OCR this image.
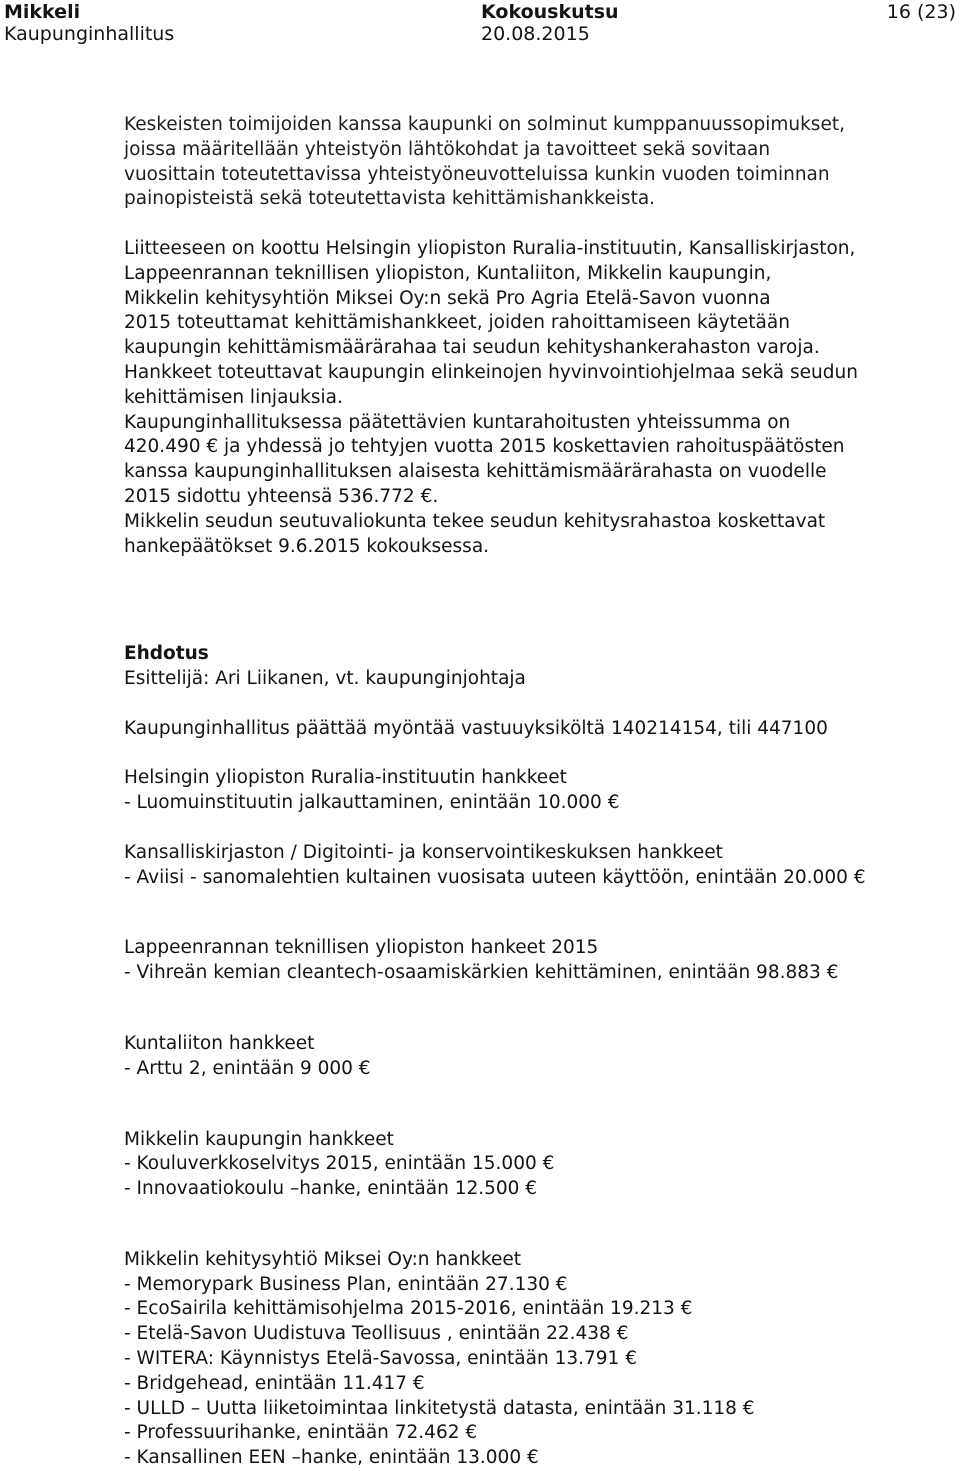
Mikkeli
Kaupunginhallitus
Kokouskutsu
20.08.2015
16 (23)

Keskeisten toimijoiden kanssa kaupunki on solminut kumppanuussopimukset,
joissa määritellään yhteistyön lähtökohdat ja tavoitteet sekä sovitaan
vuosittain toteutettavissa yhteistyöneuvotteluissa kunkin vuoden toiminnan
painopisteistä sekä toteutettavista kehittämishankkeista.

Liitteeseen on koottu Helsingin yliopiston Ruralia-instituutin, Kansalliskirjaston,
Lappeenrannan teknillisen yliopiston, Kuntaliiton, Mikkelin kaupungin,
Mikkelin kehitysyhtiön Miksei Oy:n sekä Pro Agria Etelä-Savon vuonna
2015 toteuttamat kehittämishankkeet, joiden rahoittamiseen käytetään
kaupungin kehittämismäärärahaa tai seudun kehityshankerahaston varoja.
Hankkeet toteuttavat kaupungin elinkeinojen hyvinvointiohjelmaa sekä seudun
kehittämisen linjauksia.
Kaupunginhallituksessa päätettävien kuntarahoitusten yhteissumma on
420.490 € ja yhdessä jo tehtyjen vuotta 2015 koskettavien rahoituspäätösten
kanssa kaupunginhallituksen alaisesta kehittämismäärärahasta on vuodelle
2015 sidottu yhteensä 536.772 €.
Mikkelin seudun seutuvaliokunta tekee seudun kehitysrahastoa koskettavat
hankepäätökset 9.6.2015 kokouksessa.

Ehdotus
Esittelijä: Ari Liikanen, vt. kaupunginjohtaja

Kaupunginhallitus päättää myöntää vastuuyksiköltä 140214154, tili 447100

Helsingin yliopiston Ruralia-instituutin hankkeet
- Luomuinstituutin jalkauttaminen, enintään 10.000 €

Kansalliskirjaston / Digitointi- ja konservointikeskuksen hankkeet
- Aviisi - sanomalehtien kultainen vuosisata uuteen käyttöön, enintään 20.000 €

Lappeenrannan teknillisen yliopiston hankeet 2015
- Vihreän kemian cleantech-osaamiskärkien kehittäminen, enintään 98.883 €

Kuntaliiton hankkeet
- Arttu 2, enintään 9 000 €

Mikkelin kaupungin hankkeet
- Kouluverkkoselvitys 2015, enintään 15.000 €
- Innovaatiokoulu –hanke, enintään 12.500 €

Mikkelin kehitysyhtiö Miksei Oy:n hankkeet
- Memorypark Business Plan, enintään 27.130 €
- EcoSairila kehittämisohjelma 2015-2016, enintään 19.213 €
- Etelä-Savon Uudistuva Teollisuus , enintään 22.438 €
- WITERA: Käynnistys Etelä-Savossa, enintään 13.791 €
- Bridgehead, enintään 11.417 €
- ULLD – Uutta liiketoimintaa linkitetystä datasta, enintään 31.118 €
- Professuurihanke, enintään 72.462 €
- Kansallinen EEN –hanke, enintään 13.000 €
